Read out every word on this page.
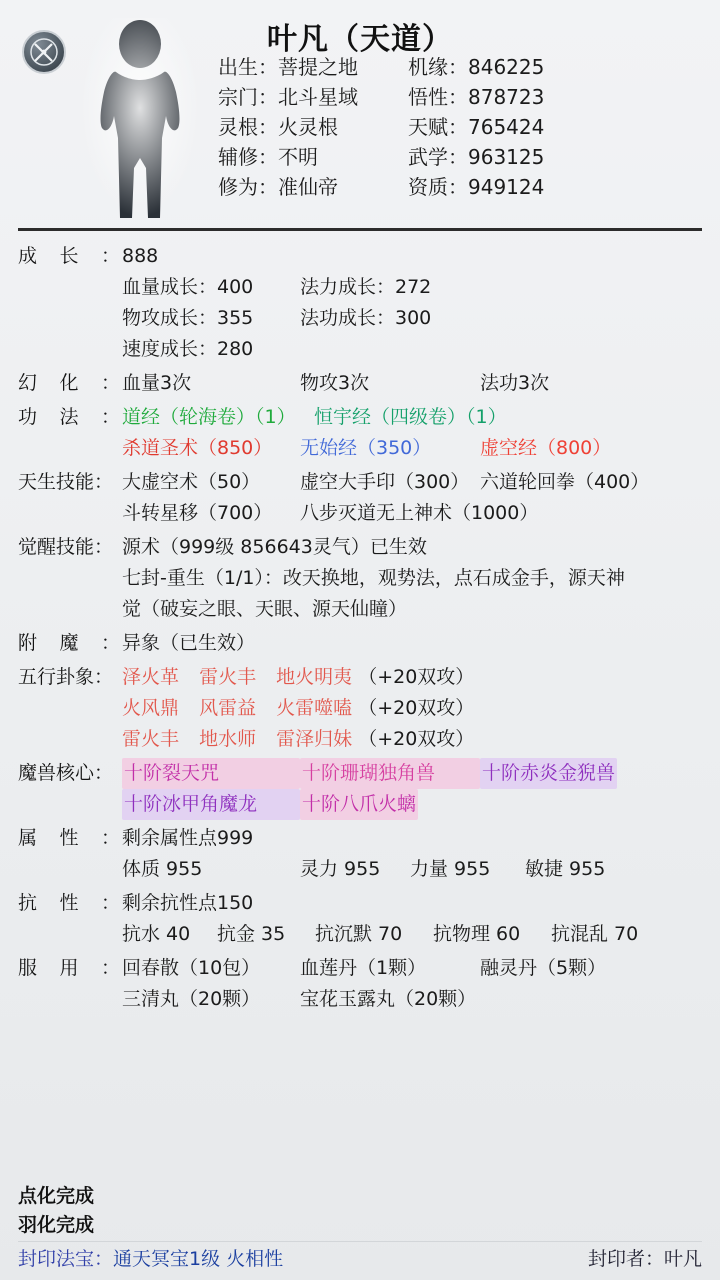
叶凡（天道）
出生：菩提之地	机缘：846225
宗门：北斗星域	悟性：878723
灵根：火灵根	天赋：765424
辅修：不明	武学：963125
修为：准仙帝	资质：949124
成 长 ： 888
血量成长：400	法力成长：272
物攻成长：355	法功成长：300
速度成长：280
幻 化 ： 血量3次	物攻3次	法功3次
功 法 ： 道经（轮海卷）（1） 恒宇经（四级卷）（1）
杀道圣术（850）	无始经（350）	虚空经（800）
天生技能： 大虚空术（50）	虚空大手印（300） 六道轮回拳（400）
斗转星移（700）	八步灭道无上神术（1000）
觉醒技能： 源术（999级 856643灵气）已生效
七封-重生（1/1）：改天换地，观势法，点石成金手，源天神
觉（破妄之眼、天眼、源天仙瞳）
附 魔 ： 异象（已生效）
五行卦象： 泽火革 雷火丰 地火明夷 （+20双攻）
火风鼎 风雷益 火雷噬嗑 （+20双攻）
雷火丰 地水师 雷泽归妹 （+20双攻）
魔兽核心： 十阶裂天咒	十阶珊瑚独角兽	十阶赤炎金猊兽
十阶冰甲角魔龙	十阶八爪火螭
属 性 ： 剩余属性点999
体质 955	灵力 955	力量 955	敏捷 955
抗 性 ： 剩余抗性点150
抗水 40	抗金 35	抗沉默 70	抗物理 60	抗混乱 70
服 用 ： 回春散（10包）	血莲丹（1颗）	融灵丹（5颗）
三清丸（20颗）	宝花玉露丸（20颗）
点化完成
羽化完成
封印法宝：通天冥宝1级 火相性	封印者：叶凡
